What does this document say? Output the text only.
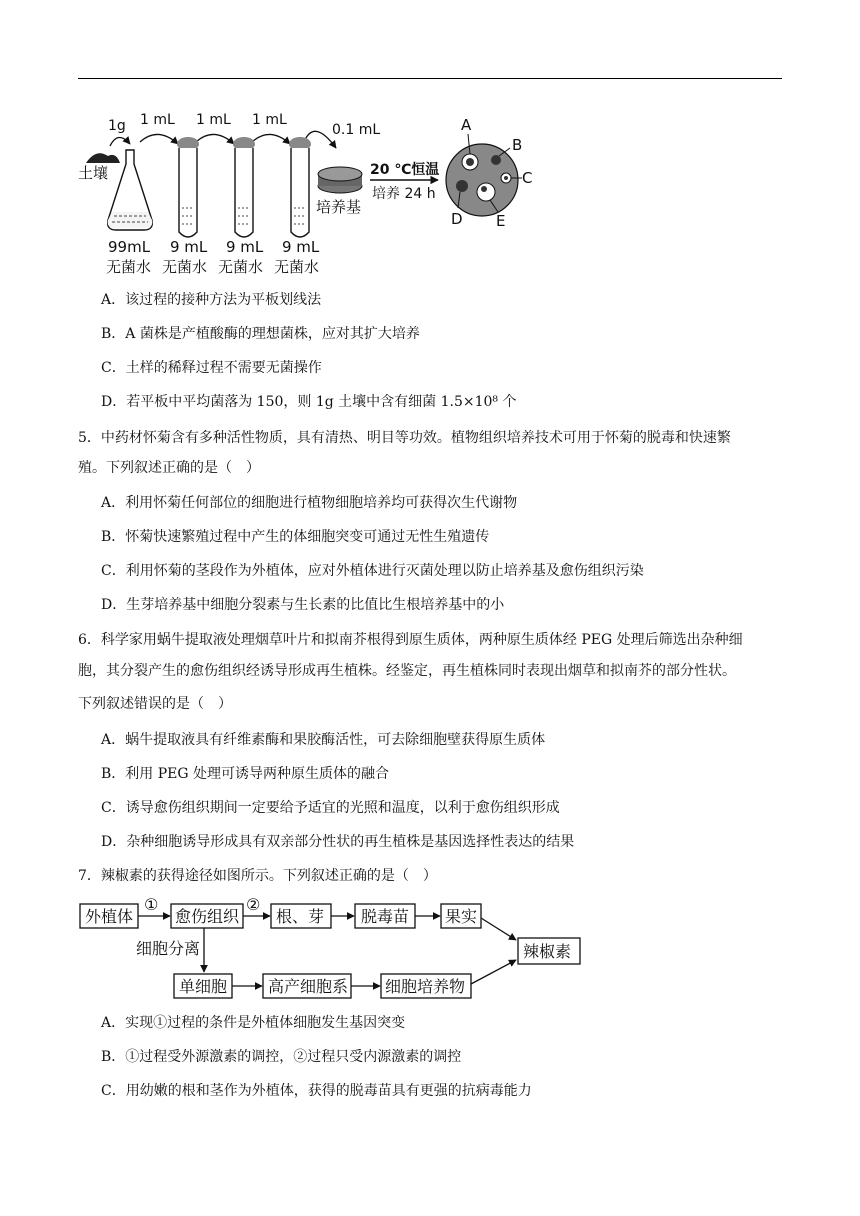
土壤
1g
99mL
无菌水
1 mL 1 mL 1 mL
0.1 mL
9 mL 9 mL 9 mL
无菌水 无菌水 无菌水
培养基
20 ℃恒温
培养 24 h
A
B
C
D E
A．该过程的接种方法为平板划线法
B．A 菌株是产植酸酶的理想菌株，应对其扩大培养
C．土样的稀释过程不需要无菌操作
D．若平板中平均菌落为 150，则 1g 土壤中含有细菌 1.5×10⁸ 个
5．中药材怀菊含有多种活性物质，具有清热、明目等功效。植物组织培养技术可用于怀菊的脱毒和快速繁
殖。下列叙述正确的是（　）
A．利用怀菊任何部位的细胞进行植物细胞培养均可获得次生代谢物
B．怀菊快速繁殖过程中产生的体细胞突变可通过无性生殖遗传
C．利用怀菊的茎段作为外植体，应对外植体进行灭菌处理以防止培养基及愈伤组织污染
D．生芽培养基中细胞分裂素与生长素的比值比生根培养基中的小
6．科学家用蜗牛提取液处理烟草叶片和拟南芥根得到原生质体，两种原生质体经 PEG 处理后筛选出杂种细
胞，其分裂产生的愈伤组织经诱导形成再生植株。经鉴定，再生植株同时表现出烟草和拟南芥的部分性状。
下列叙述错误的是（　）
A．蜗牛提取液具有纤维素酶和果胶酶活性，可去除细胞壁获得原生质体
B．利用 PEG 处理可诱导两种原生质体的融合
C．诱导愈伤组织期间一定要给予适宜的光照和温度，以利于愈伤组织形成
D．杂种细胞诱导形成具有双亲部分性状的再生植株是基因选择性表达的结果
7．辣椒素的获得途径如图所示。下列叙述正确的是（　）
外植体
①
愈伤组织
②
根、芽 脱毒苗 果实
辣椒素
细胞分离
单细胞	高产细胞系 细胞培养物
A．实现①过程的条件是外植体细胞发生基因突变
B．①过程受外源激素的调控，②过程只受内源激素的调控
C．用幼嫩的根和茎作为外植体，获得的脱毒苗具有更强的抗病毒能力
